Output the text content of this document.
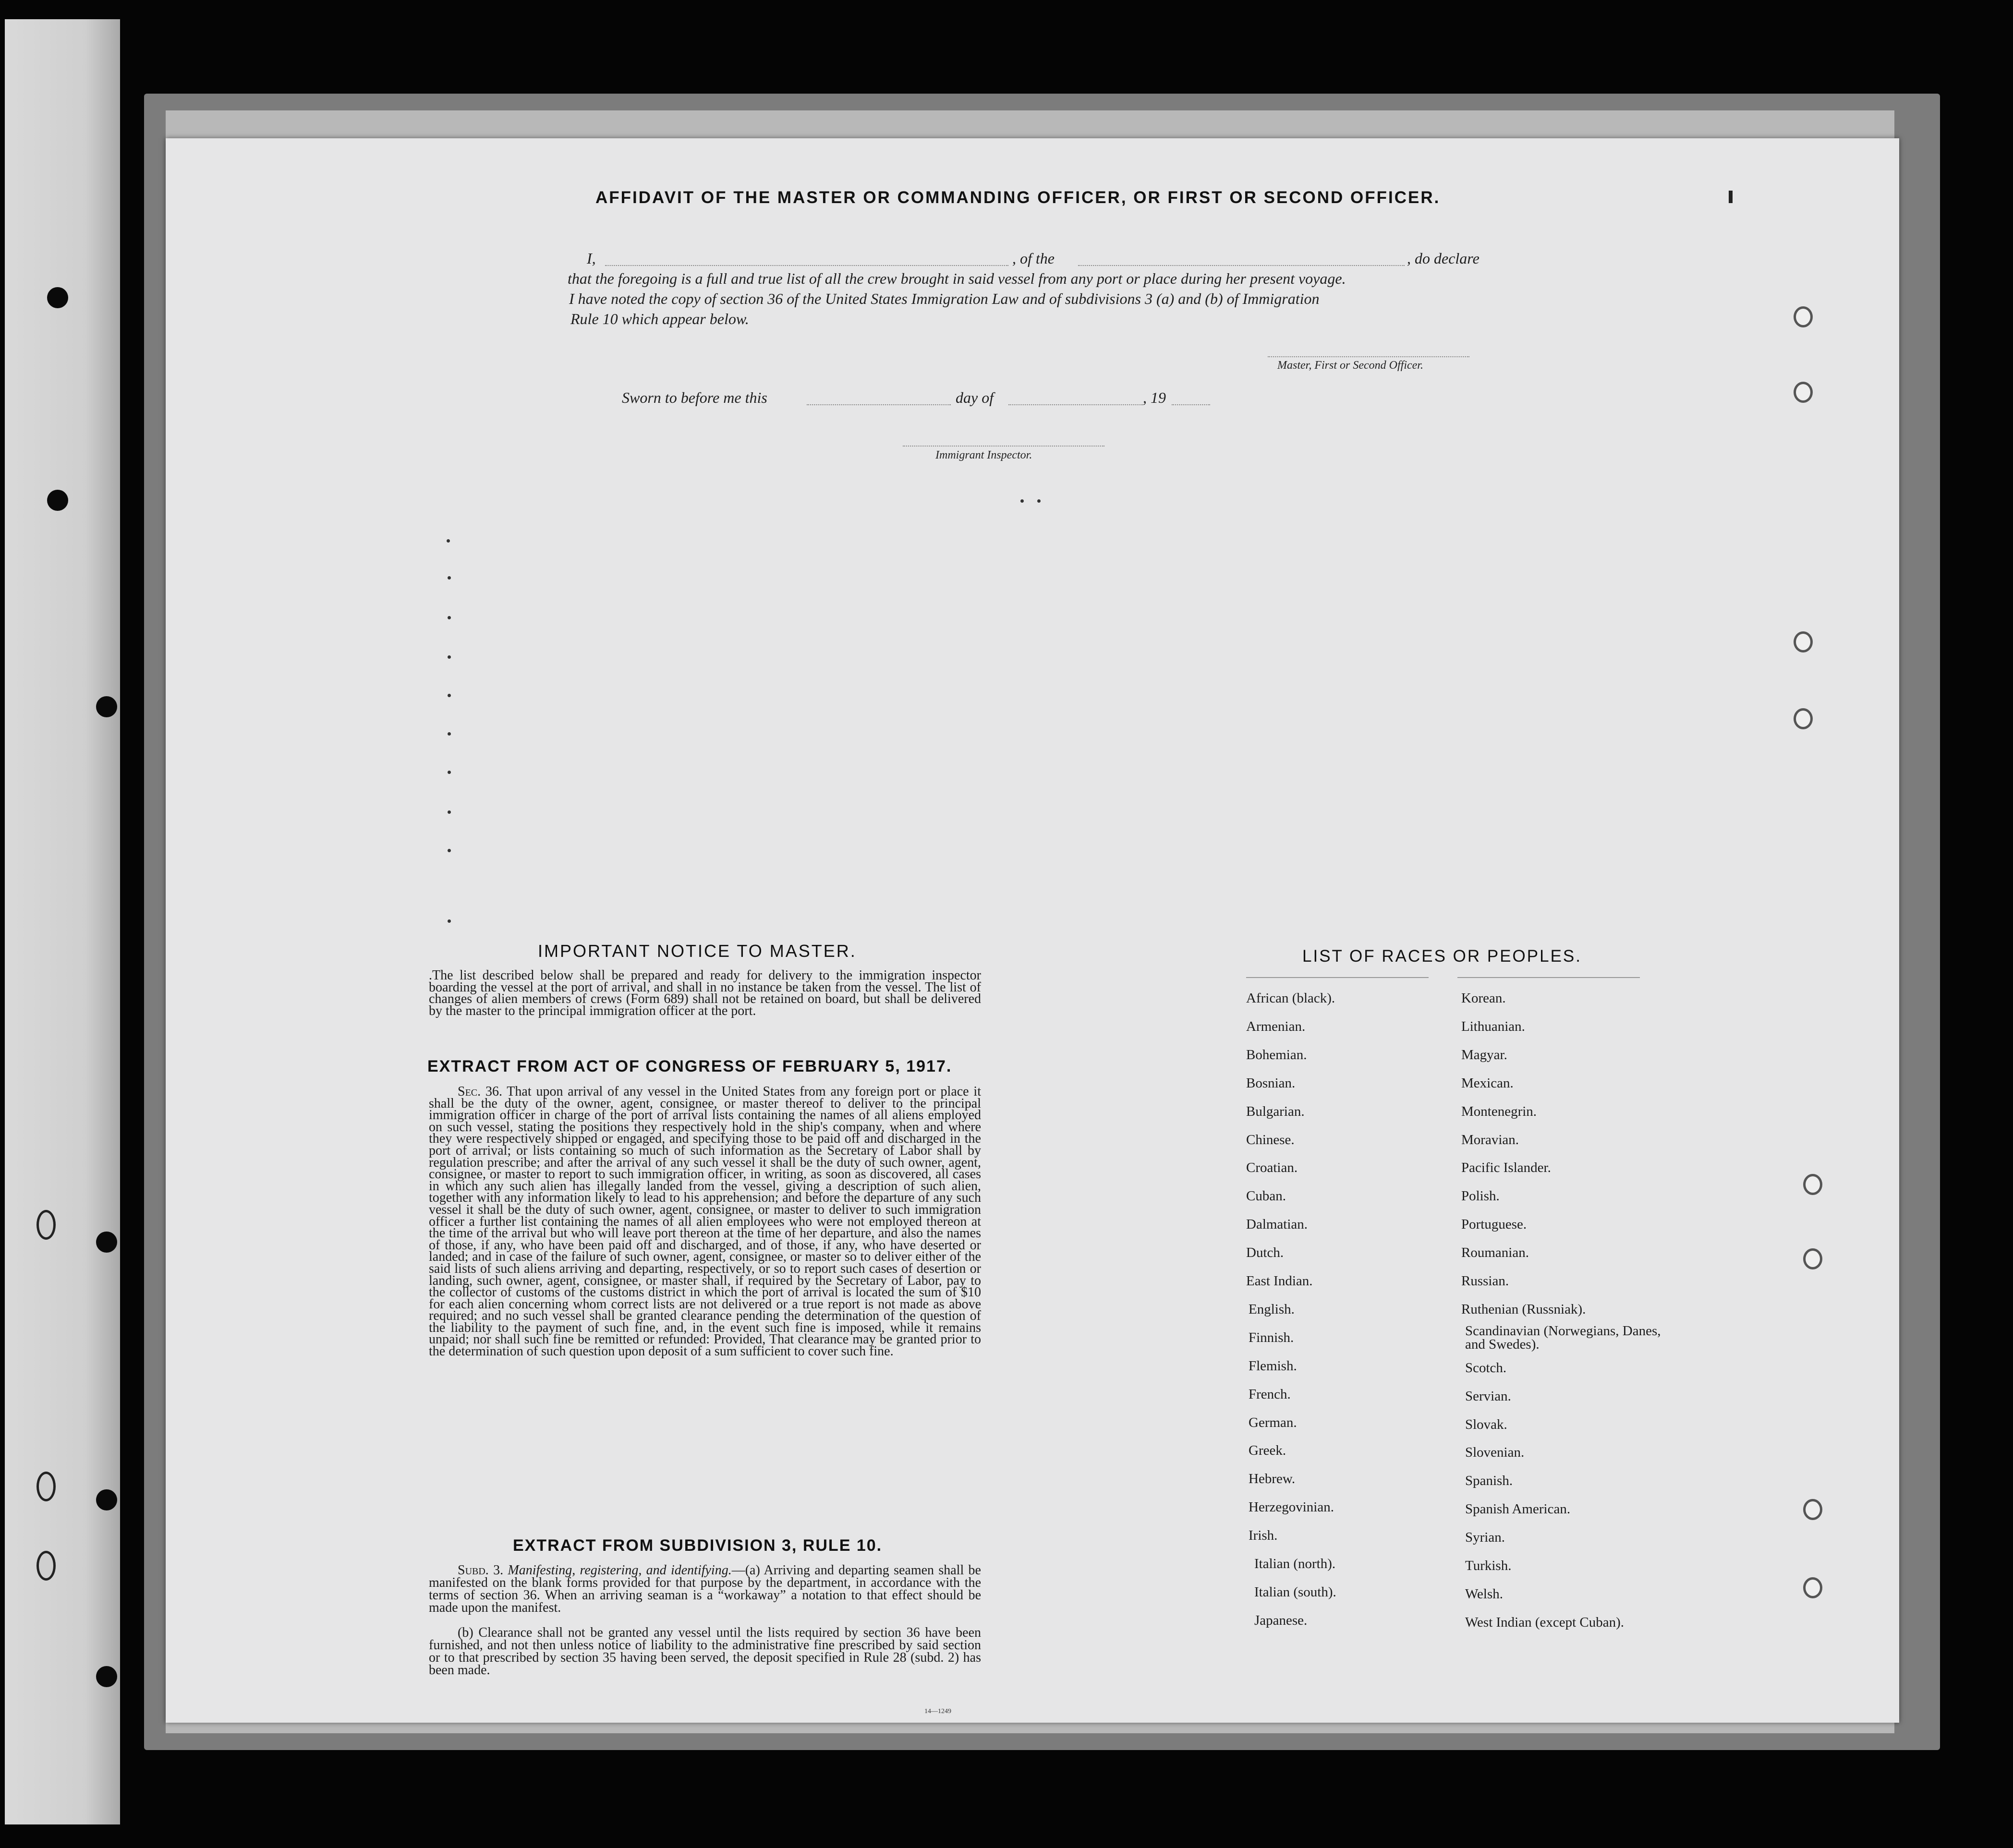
AFFIDAVIT OF THE MASTER OR COMMANDING OFFICER, OR FIRST OR SECOND OFFICER.
I,	, of the	, do declare
that the foregoing is a full and true list of all the crew brought in said vessel from any port or place during her present voyage.
I have noted the copy of section 36 of the United States Immigration Law and of subdivisions 3 (a) and (b) of Immigration
Rule 10 which appear below.
Master, First or Second Officer.
Sworn to before me this	day of	, 19
Immigrant Inspector.
IMPORTANT NOTICE TO MASTER.
.The list described below shall be prepared and ready for delivery to the immigration inspector boarding the vessel at the port of arrival, and shall in no instance be taken from the vessel. The list of changes of alien members of crews (Form 689) shall not be retained on board, but shall be delivered by the master to the principal immigration officer at the port.
EXTRACT FROM ACT OF CONGRESS OF FEBRUARY 5, 1917.
Sec. 36. That upon arrival of any vessel in the United States from any foreign port or place it shall be the duty of the owner, agent, consignee, or master thereof to deliver to the principal immigration officer in charge of the port of arrival lists containing the names of all aliens employed on such vessel, stating the positions they respectively hold in the ship's company, when and where they were respectively shipped or engaged, and specifying those to be paid off and discharged in the port of arrival; or lists containing so much of such information as the Secretary of Labor shall by regulation prescribe; and after the arrival of any such vessel it shall be the duty of such owner, agent, consignee, or master to report to such immigration officer, in writing, as soon as discovered, all cases in which any such alien has illegally landed from the vessel, giving a description of such alien, together with any information likely to lead to his apprehension; and before the departure of any such vessel it shall be the duty of such owner, agent, consignee, or master to deliver to such immigration officer a further list containing the names of all alien employees who were not employed thereon at the time of the arrival but who will leave port thereon at the time of her departure, and also the names of those, if any, who have been paid off and discharged, and of those, if any, who have deserted or landed; and in case of the failure of such owner, agent, consignee, or master so to deliver either of the said lists of such aliens arriving and departing, respectively, or so to report such cases of desertion or landing, such owner, agent, consignee, or master shall, if required by the Secretary of Labor, pay to the collector of customs of the customs district in which the port of arrival is located the sum of $10 for each alien concerning whom correct lists are not delivered or a true report is not made as above required; and no such vessel shall be granted clearance pending the determination of the question of the liability to the payment of such fine, and, in the event such fine is imposed, while it remains unpaid; nor shall such fine be remitted or refunded: Provided, That clearance may be granted prior to the determination of such question upon deposit of a sum sufficient to cover such fine.
EXTRACT FROM SUBDIVISION 3, RULE 10.
Subd. 3. Manifesting, registering, and identifying.—(a) Arriving and departing seamen shall be manifested on the blank forms provided for that purpose by the department, in accordance with the terms of section 36. When an arriving seaman is a “workaway” a notation to that effect should be made upon the manifest.
(b) Clearance shall not be granted any vessel until the lists required by section 36 have been furnished, and not then unless notice of liability to the administrative fine prescribed by said section or to that prescribed by section 35 having been served, the deposit specified in Rule 28 (subd. 2) has been made.
14—1249
LIST OF RACES OR PEOPLES.
African (black).
Armenian.
Bohemian.
Bosnian.
Bulgarian.
Chinese.
Croatian.
Cuban.
Dalmatian.
Dutch.
East Indian.
English.
Finnish.
Flemish.
French.
German.
Greek.
Hebrew.
Herzegovinian.
Irish.
Italian (north).
Italian (south).
Japanese.
Korean.
Lithuanian.
Magyar.
Mexican.
Montenegrin.
Moravian.
Pacific Islander.
Polish.
Portuguese.
Roumanian.
Russian.
Ruthenian (Russniak).
Scandinavian (Norwegians, Danes, and Swedes).
Scotch.
Servian.
Slovak.
Slovenian.
Spanish.
Spanish American.
Syrian.
Turkish.
Welsh.
West Indian (except Cuban).
